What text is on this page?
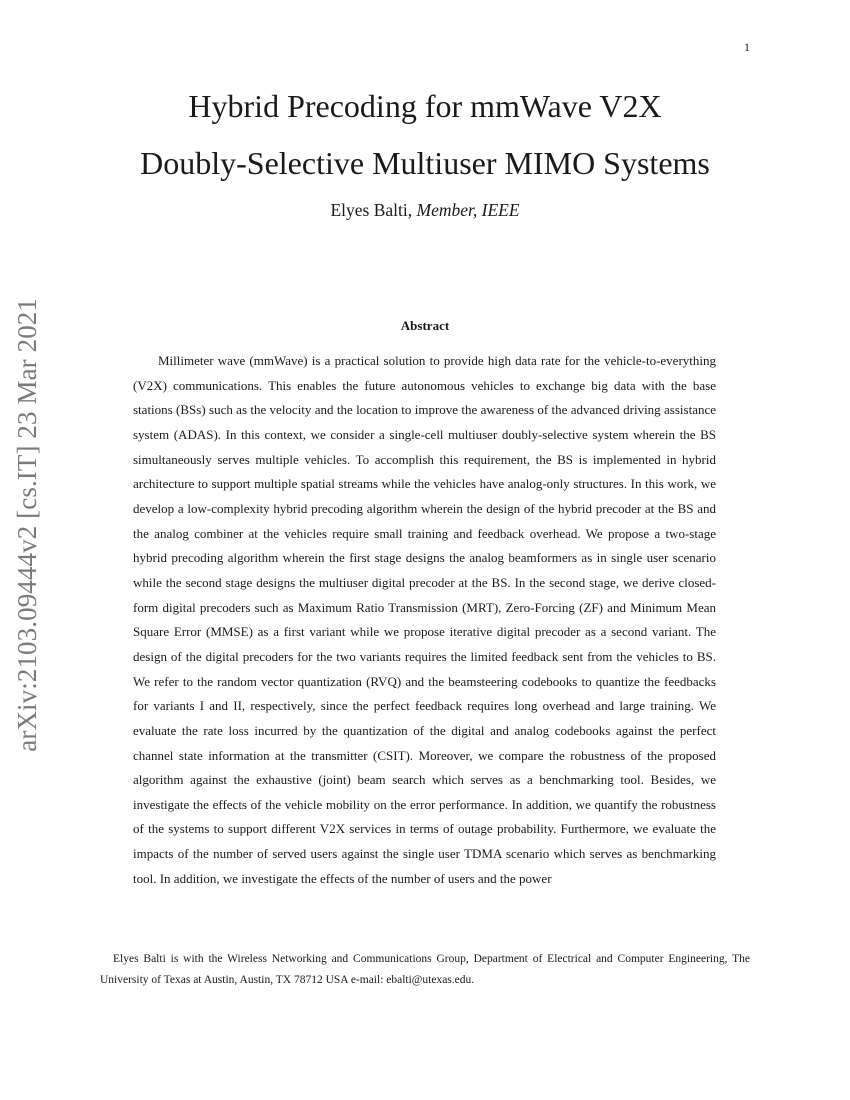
1
arXiv:2103.09444v2 [cs.IT] 23 Mar 2021
Hybrid Precoding for mmWave V2X
Doubly-Selective Multiuser MIMO Systems
Elyes Balti, Member, IEEE
Abstract

Millimeter wave (mmWave) is a practical solution to provide high data rate for the vehicle-to-everything (V2X) communications. This enables the future autonomous vehicles to exchange big data with the base stations (BSs) such as the velocity and the location to improve the awareness of the advanced driving assistance system (ADAS). In this context, we consider a single-cell multiuser doubly-selective system wherein the BS simultaneously serves multiple vehicles. To accomplish this requirement, the BS is implemented in hybrid architecture to support multiple spatial streams while the vehicles have analog-only structures. In this work, we develop a low-complexity hybrid precoding algorithm wherein the design of the hybrid precoder at the BS and the analog combiner at the vehicles require small training and feedback overhead. We propose a two-stage hybrid precoding algorithm wherein the first stage designs the analog beamformers as in single user scenario while the second stage designs the multiuser digital precoder at the BS. In the second stage, we derive closed-form digital precoders such as Maximum Ratio Transmission (MRT), Zero-Forcing (ZF) and Minimum Mean Square Error (MMSE) as a first variant while we propose iterative digital precoder as a second variant. The design of the digital precoders for the two variants requires the limited feedback sent from the vehicles to BS. We refer to the random vector quantization (RVQ) and the beamsteering codebooks to quantize the feedbacks for variants I and II, respectively, since the perfect feedback requires long overhead and large training. We evaluate the rate loss incurred by the quantization of the digital and analog codebooks against the perfect channel state information at the transmitter (CSIT). Moreover, we compare the robustness of the proposed algorithm against the exhaustive (joint) beam search which serves as a benchmarking tool. Besides, we investigate the effects of the vehicle mobility on the error performance. In addition, we quantify the robustness of the systems to support different V2X services in terms of outage probability. Furthermore, we evaluate the impacts of the number of served users against the single user TDMA scenario which serves as benchmarking tool. In addition, we investigate the effects of the number of users and the power

Elyes Balti is with the Wireless Networking and Communications Group, Department of Electrical and Computer Engineering, The University of Texas at Austin, Austin, TX 78712 USA e-mail: ebalti@utexas.edu.
